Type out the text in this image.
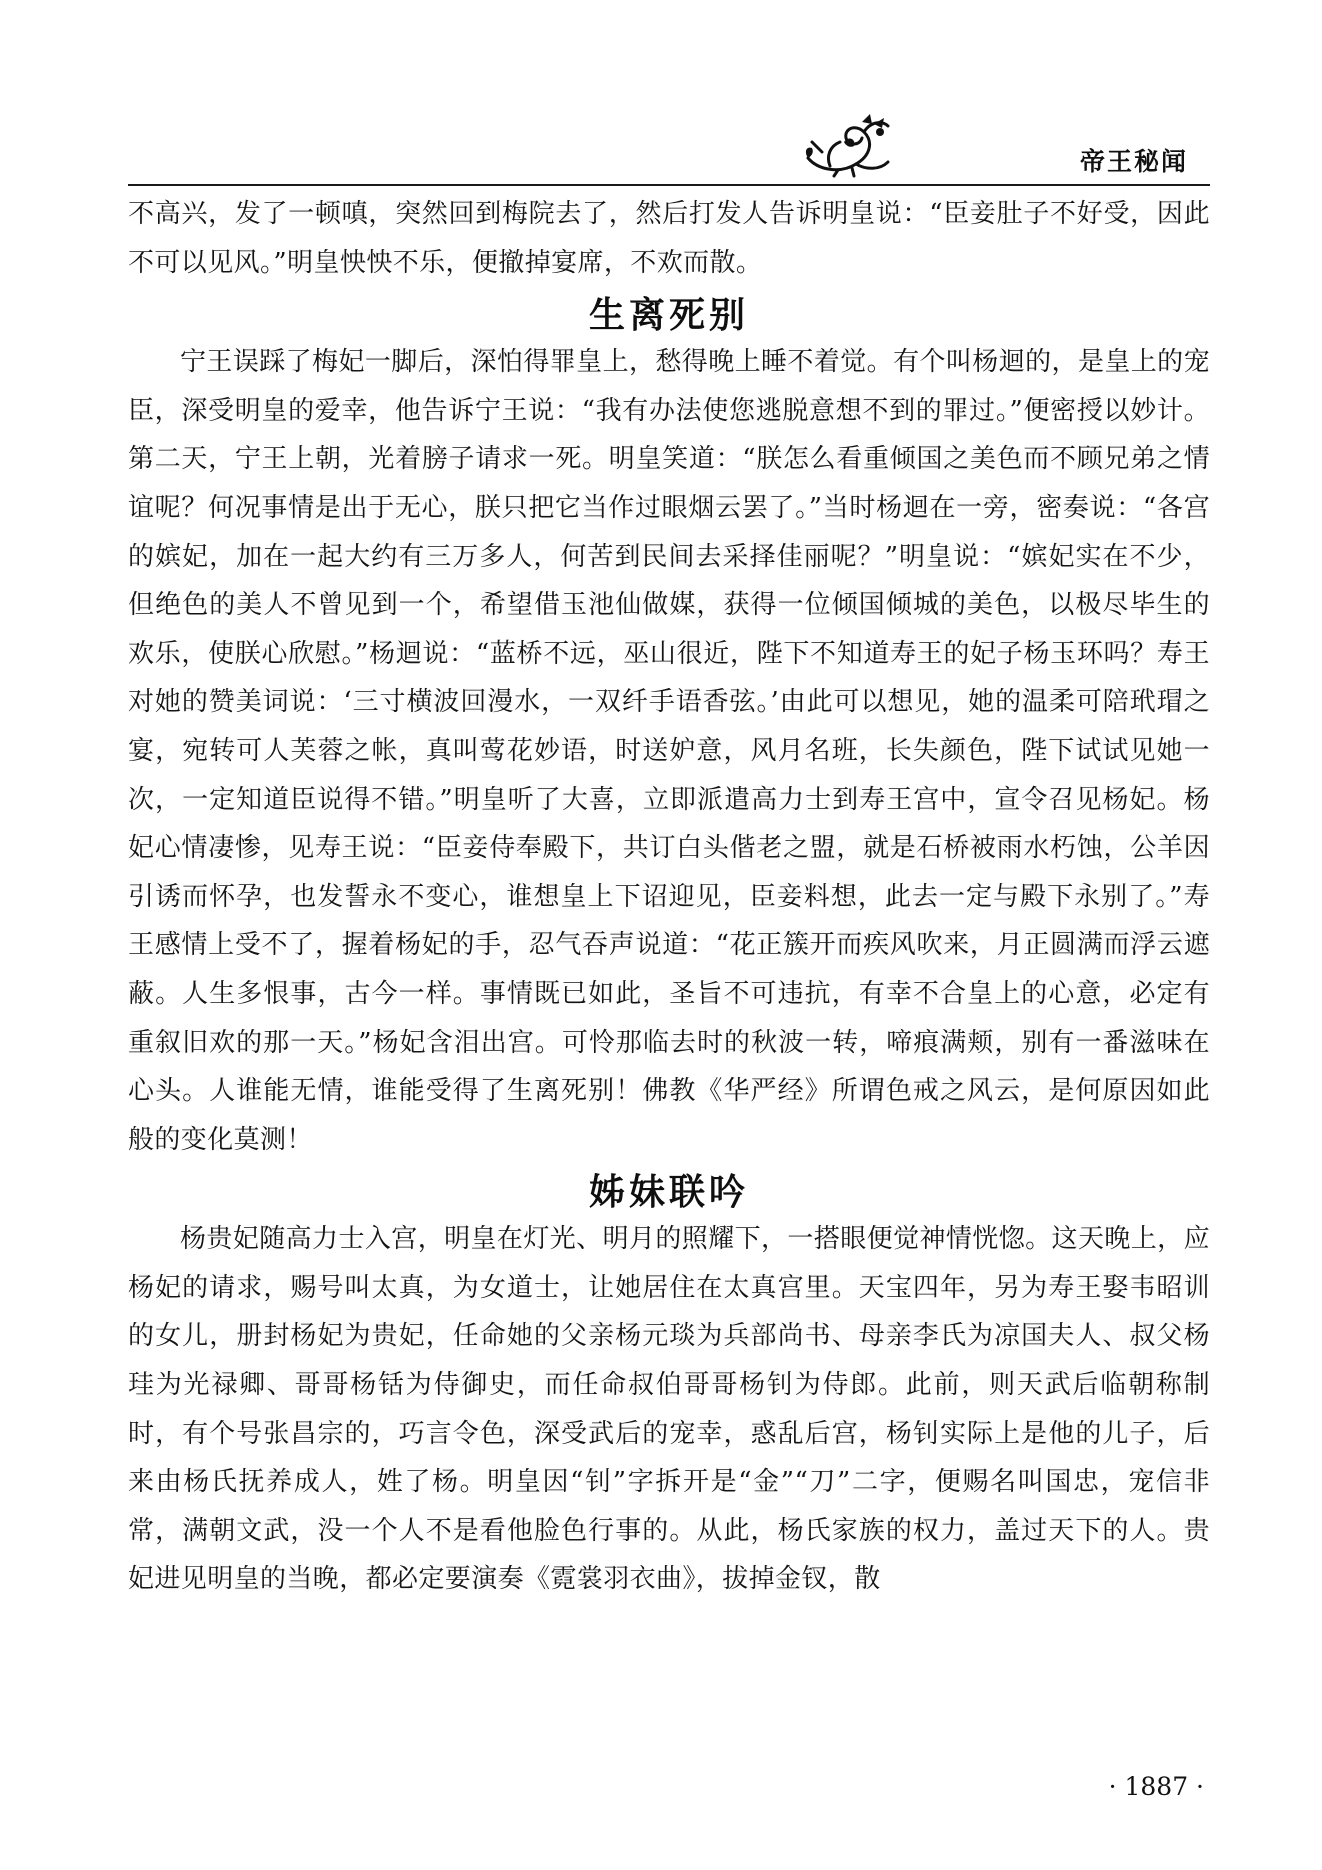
帝王秘闻

不高兴，发了一顿嗔，突然回到梅院去了，然后打发人告诉明皇说：“臣妾肚子不好受，因此不可以见风。”明皇怏怏不乐，便撤掉宴席，不欢而散。

生离死别

宁王误踩了梅妃一脚后，深怕得罪皇上，愁得晚上睡不着觉。有个叫杨迴的，是皇上的宠臣，深受明皇的爱幸，他告诉宁王说：“我有办法使您逃脱意想不到的罪过。”便密授以妙计。第二天，宁王上朝，光着膀子请求一死。明皇笑道：“朕怎么看重倾国之美色而不顾兄弟之情谊呢？何况事情是出于无心，朕只把它当作过眼烟云罢了。”当时杨迴在一旁，密奏说：“各宫的嫔妃，加在一起大约有三万多人，何苦到民间去采择佳丽呢？”明皇说：“嫔妃实在不少，但绝色的美人不曾见到一个，希望借玉池仙做媒，获得一位倾国倾城的美色，以极尽毕生的欢乐，使朕心欣慰。”杨迴说：“蓝桥不远，巫山很近，陛下不知道寿王的妃子杨玉环吗？寿王对她的赞美词说：‘三寸横波回漫水，一双纤手语香弦。’由此可以想见，她的温柔可陪玳瑁之宴，宛转可人芙蓉之帐，真叫莺花妙语，时送妒意，风月名班，长失颜色，陛下试试见她一次，一定知道臣说得不错。”明皇听了大喜，立即派遣高力士到寿王宫中，宣令召见杨妃。杨妃心情凄惨，见寿王说：“臣妾侍奉殿下，共订白头偕老之盟，就是石桥被雨水朽蚀，公羊因引诱而怀孕，也发誓永不变心，谁想皇上下诏迎见，臣妾料想，此去一定与殿下永别了。”寿王感情上受不了，握着杨妃的手，忍气吞声说道：“花正簇开而疾风吹来，月正圆满而浮云遮蔽。人生多恨事，古今一样。事情既已如此，圣旨不可违抗，有幸不合皇上的心意，必定有重叙旧欢的那一天。”杨妃含泪出宫。可怜那临去时的秋波一转，啼痕满颊，别有一番滋味在心头。人谁能无情，谁能受得了生离死别！佛教《华严经》所谓色戒之风云，是何原因如此般的变化莫测！

姊妹联吟

杨贵妃随高力士入宫，明皇在灯光、明月的照耀下，一搭眼便觉神情恍惚。这天晚上，应杨妃的请求，赐号叫太真，为女道士，让她居住在太真宫里。天宝四年，另为寿王娶韦昭训的女儿，册封杨妃为贵妃，任命她的父亲杨元琰为兵部尚书、母亲李氏为凉国夫人、叔父杨珪为光禄卿、哥哥杨铦为侍御史，而任命叔伯哥哥杨钊为侍郎。此前，则天武后临朝称制时，有个号张昌宗的，巧言令色，深受武后的宠幸，惑乱后宫，杨钊实际上是他的儿子，后来由杨氏抚养成人，姓了杨。明皇因“钊”字拆开是“金”“刀”二字，便赐名叫国忠，宠信非常，满朝文武，没一个人不是看他脸色行事的。从此，杨氏家族的权力，盖过天下的人。贵妃进见明皇的当晚，都必定要演奏《霓裳羽衣曲》，拔掉金钗，散

· 1887 ·
